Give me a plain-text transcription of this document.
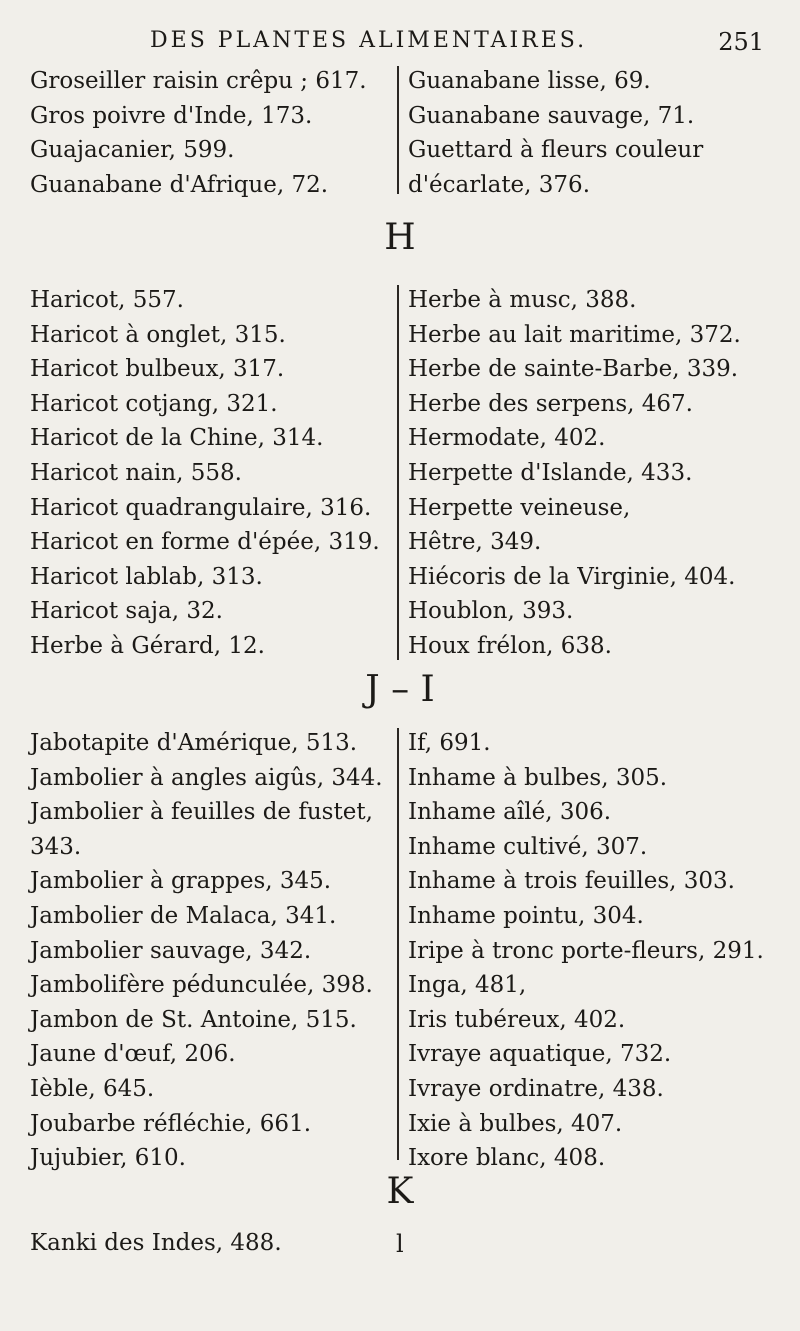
DES PLANTES ALIMENTAIRES.	251
Groseiller raisin crêpu ; 617.
Gros poivre d'Inde, 173.
Guajacanier, 599.
Guanabane d'Afrique, 72.
Guanabane lisse, 69.
Guanabane sauvage, 71.
Guettard à fleurs couleur d'écarlate, 376.
H
Haricot, 557.
Haricot à onglet, 315.
Haricot bulbeux, 317.
Haricot cotjang, 321.
Haricot de la Chine, 314.
Haricot nain, 558.
Haricot quadrangulaire, 316.
Haricot en forme d'épée, 319.
Haricot lablab, 313.
Haricot saja, 32.
Herbe à Gérard, 12.
Herbe à musc, 388.
Herbe au lait maritime, 372.
Herbe de sainte-Barbe, 339.
Herbe des serpens, 467.
Hermodate, 402.
Herpette d'Islande, 433.
Herpette veineuse,
Hêtre, 349.
Hiécoris de la Virginie, 404.
Houblon, 393.
Houx frélon, 638.
J – I
Jabotapite d'Amérique, 513.
Jambolier à angles aigûs, 344.
Jambolier à feuilles de fustet, 343.
Jambolier à grappes, 345.
Jambolier de Malaca, 341.
Jambolier sauvage, 342.
Jambolifère pédunculée, 398.
Jambon de St. Antoine, 515.
Jaune d'œuf, 206.
Ièble, 645.
Joubarbe réfléchie, 661.
Jujubier, 610.
If, 691.
Inhame à bulbes, 305.
Inhame aîlé, 306.
Inhame cultivé, 307.
Inhame à trois feuilles, 303.
Inhame pointu, 304.
Iripe à tronc porte-fleurs, 291.
Inga, 481,
Iris tubéreux, 402.
Ivraye aquatique, 732.
Ivraye ordinatre, 438.
Ixie à bulbes, 407.
Ixore blanc, 408.
K
Kanki des Indes, 488.	l
